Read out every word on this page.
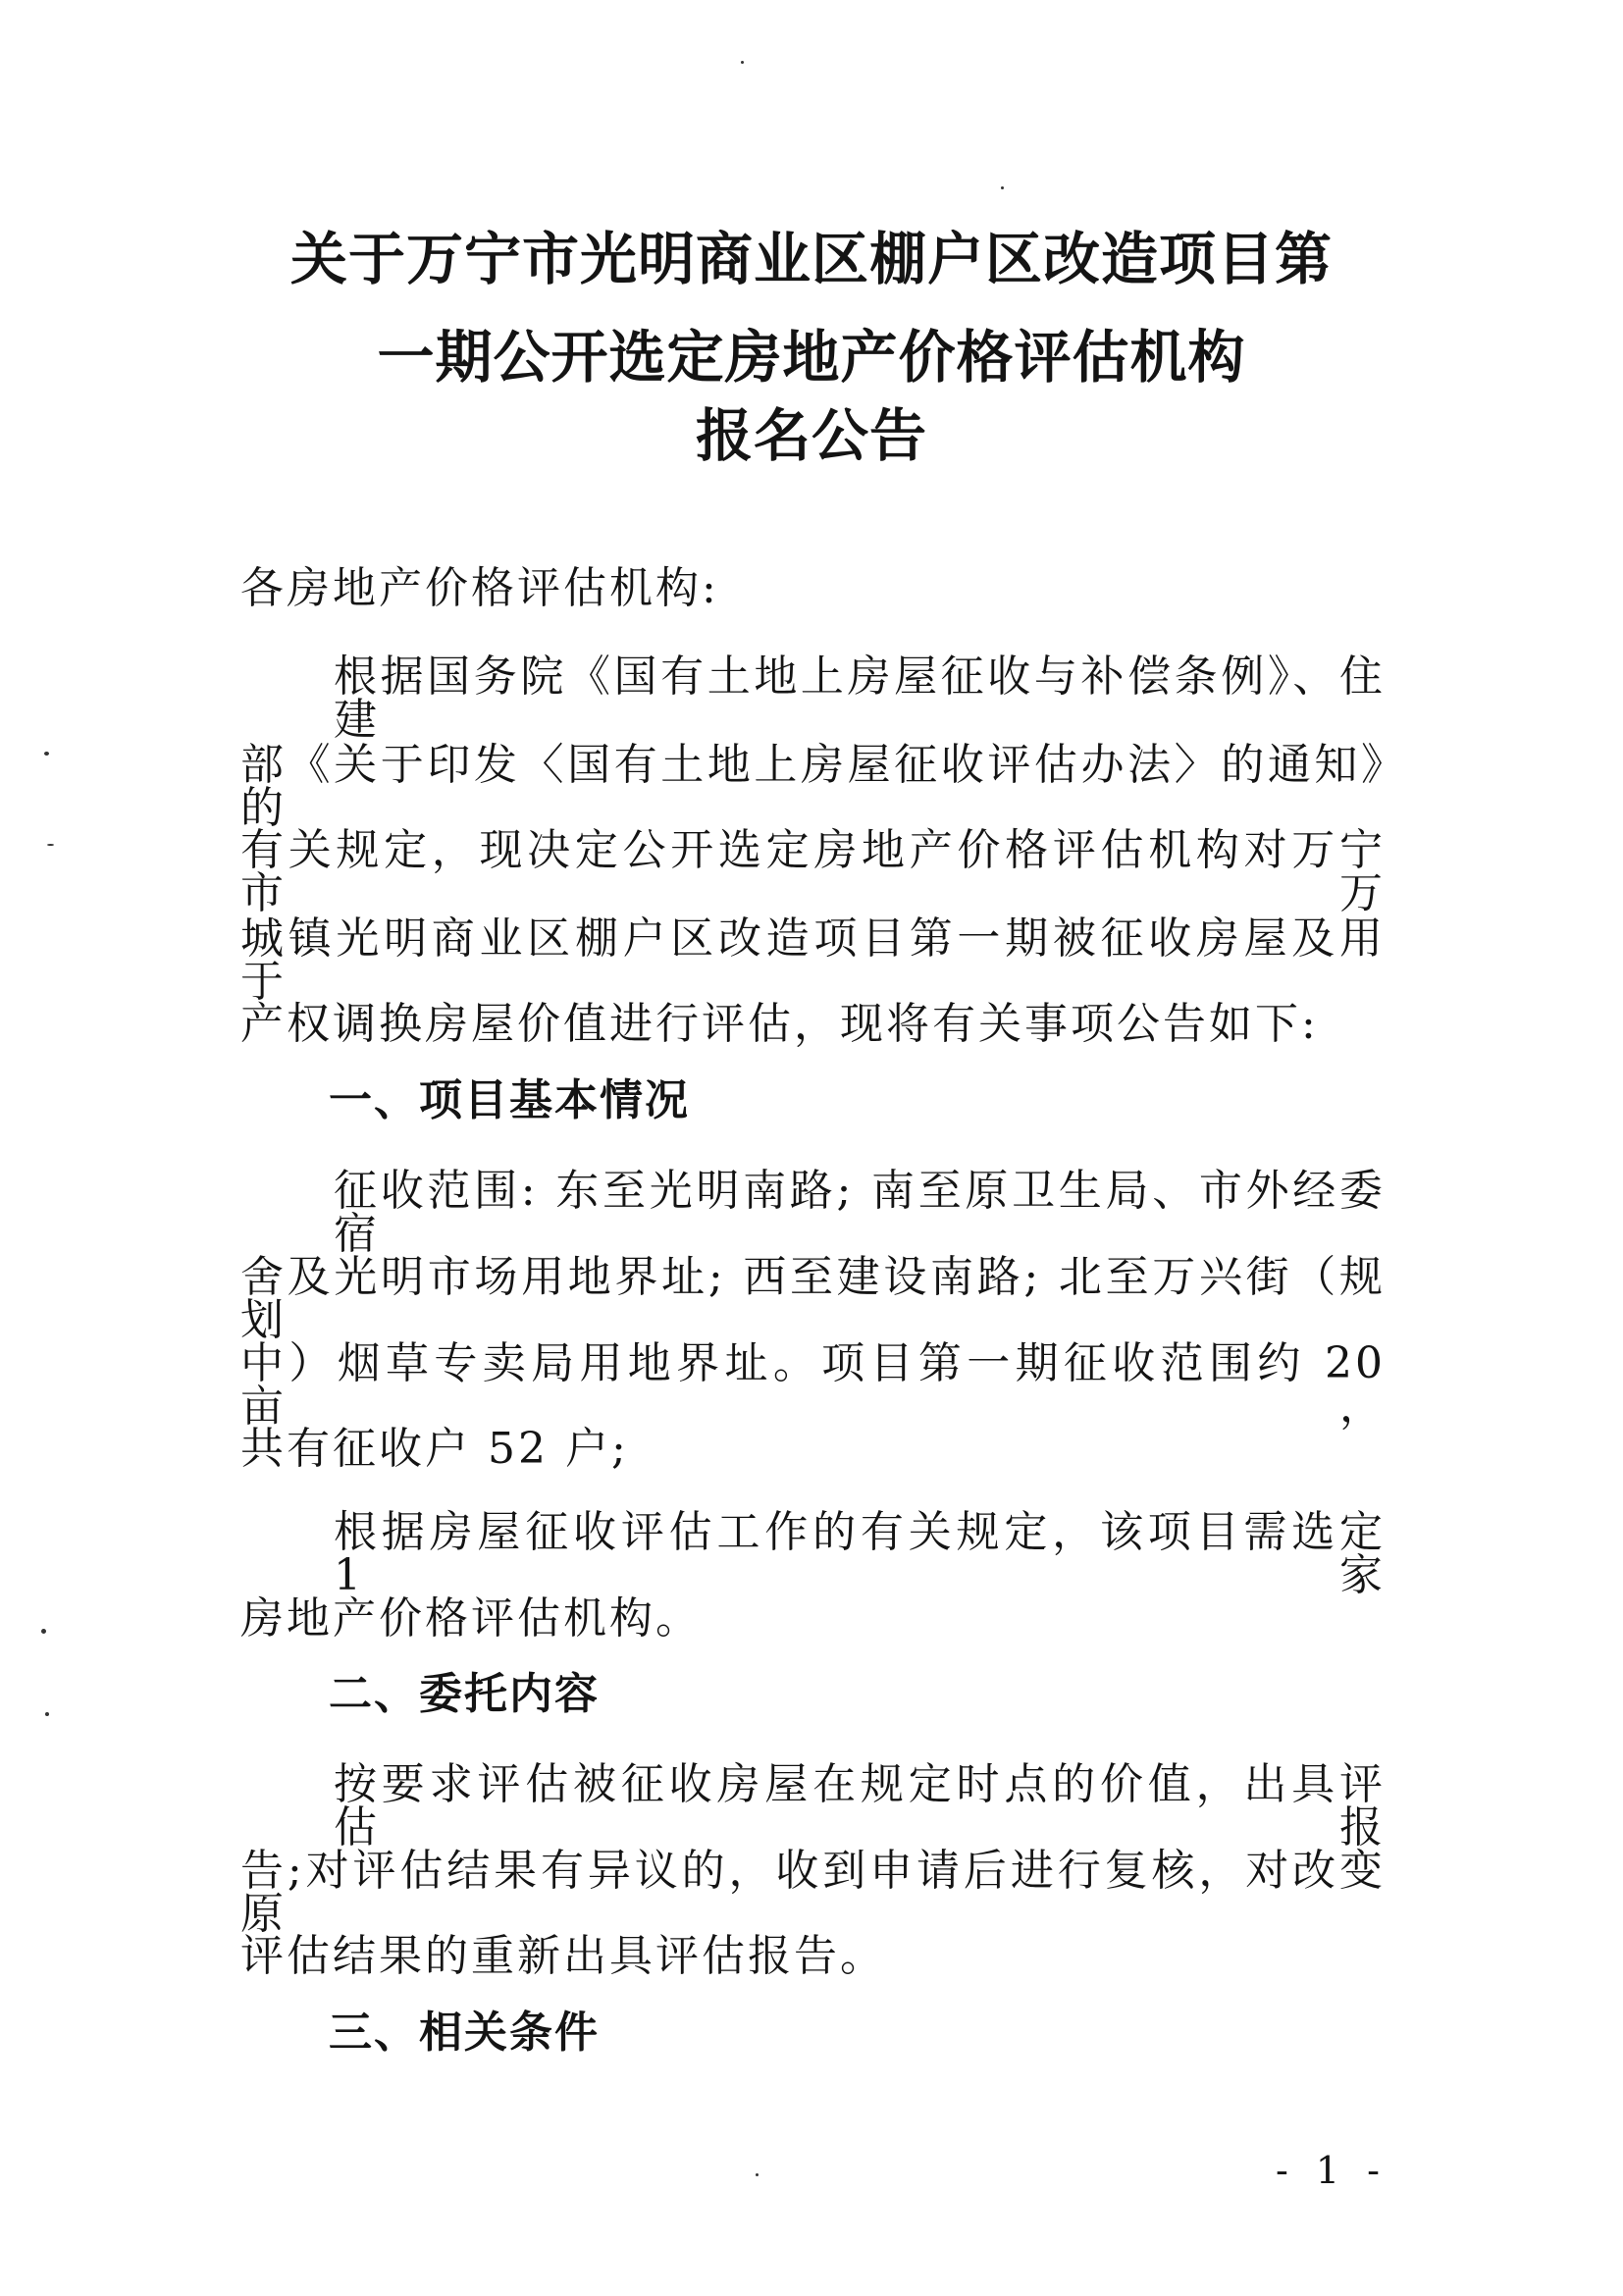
关于万宁市光明商业区棚户区改造项目第
一期公开选定房地产价格评估机构
报名公告
各房地产价格评估机构:
根据国务院《国有土地上房屋征收与补偿条例》、住建
部《关于印发〈国有土地上房屋征收评估办法〉的通知》的
有关规定，现决定公开选定房地产价格评估机构对万宁市万
城镇光明商业区棚户区改造项目第一期被征收房屋及用于
产权调换房屋价值进行评估，现将有关事项公告如下:
一、项目基本情况
征收范围: 东至光明南路; 南至原卫生局、市外经委宿
舍及光明市场用地界址; 西至建设南路; 北至万兴街（规划
中）烟草专卖局用地界址。项目第一期征收范围约 20 亩，
共有征收户 52 户;
根据房屋征收评估工作的有关规定，该项目需选定 1 家
房地产价格评估机构。
二、委托内容
按要求评估被征收房屋在规定时点的价值，出具评估报
告;对评估结果有异议的，收到申请后进行复核，对改变原
评估结果的重新出具评估报告。
三、相关条件
- 1 -
